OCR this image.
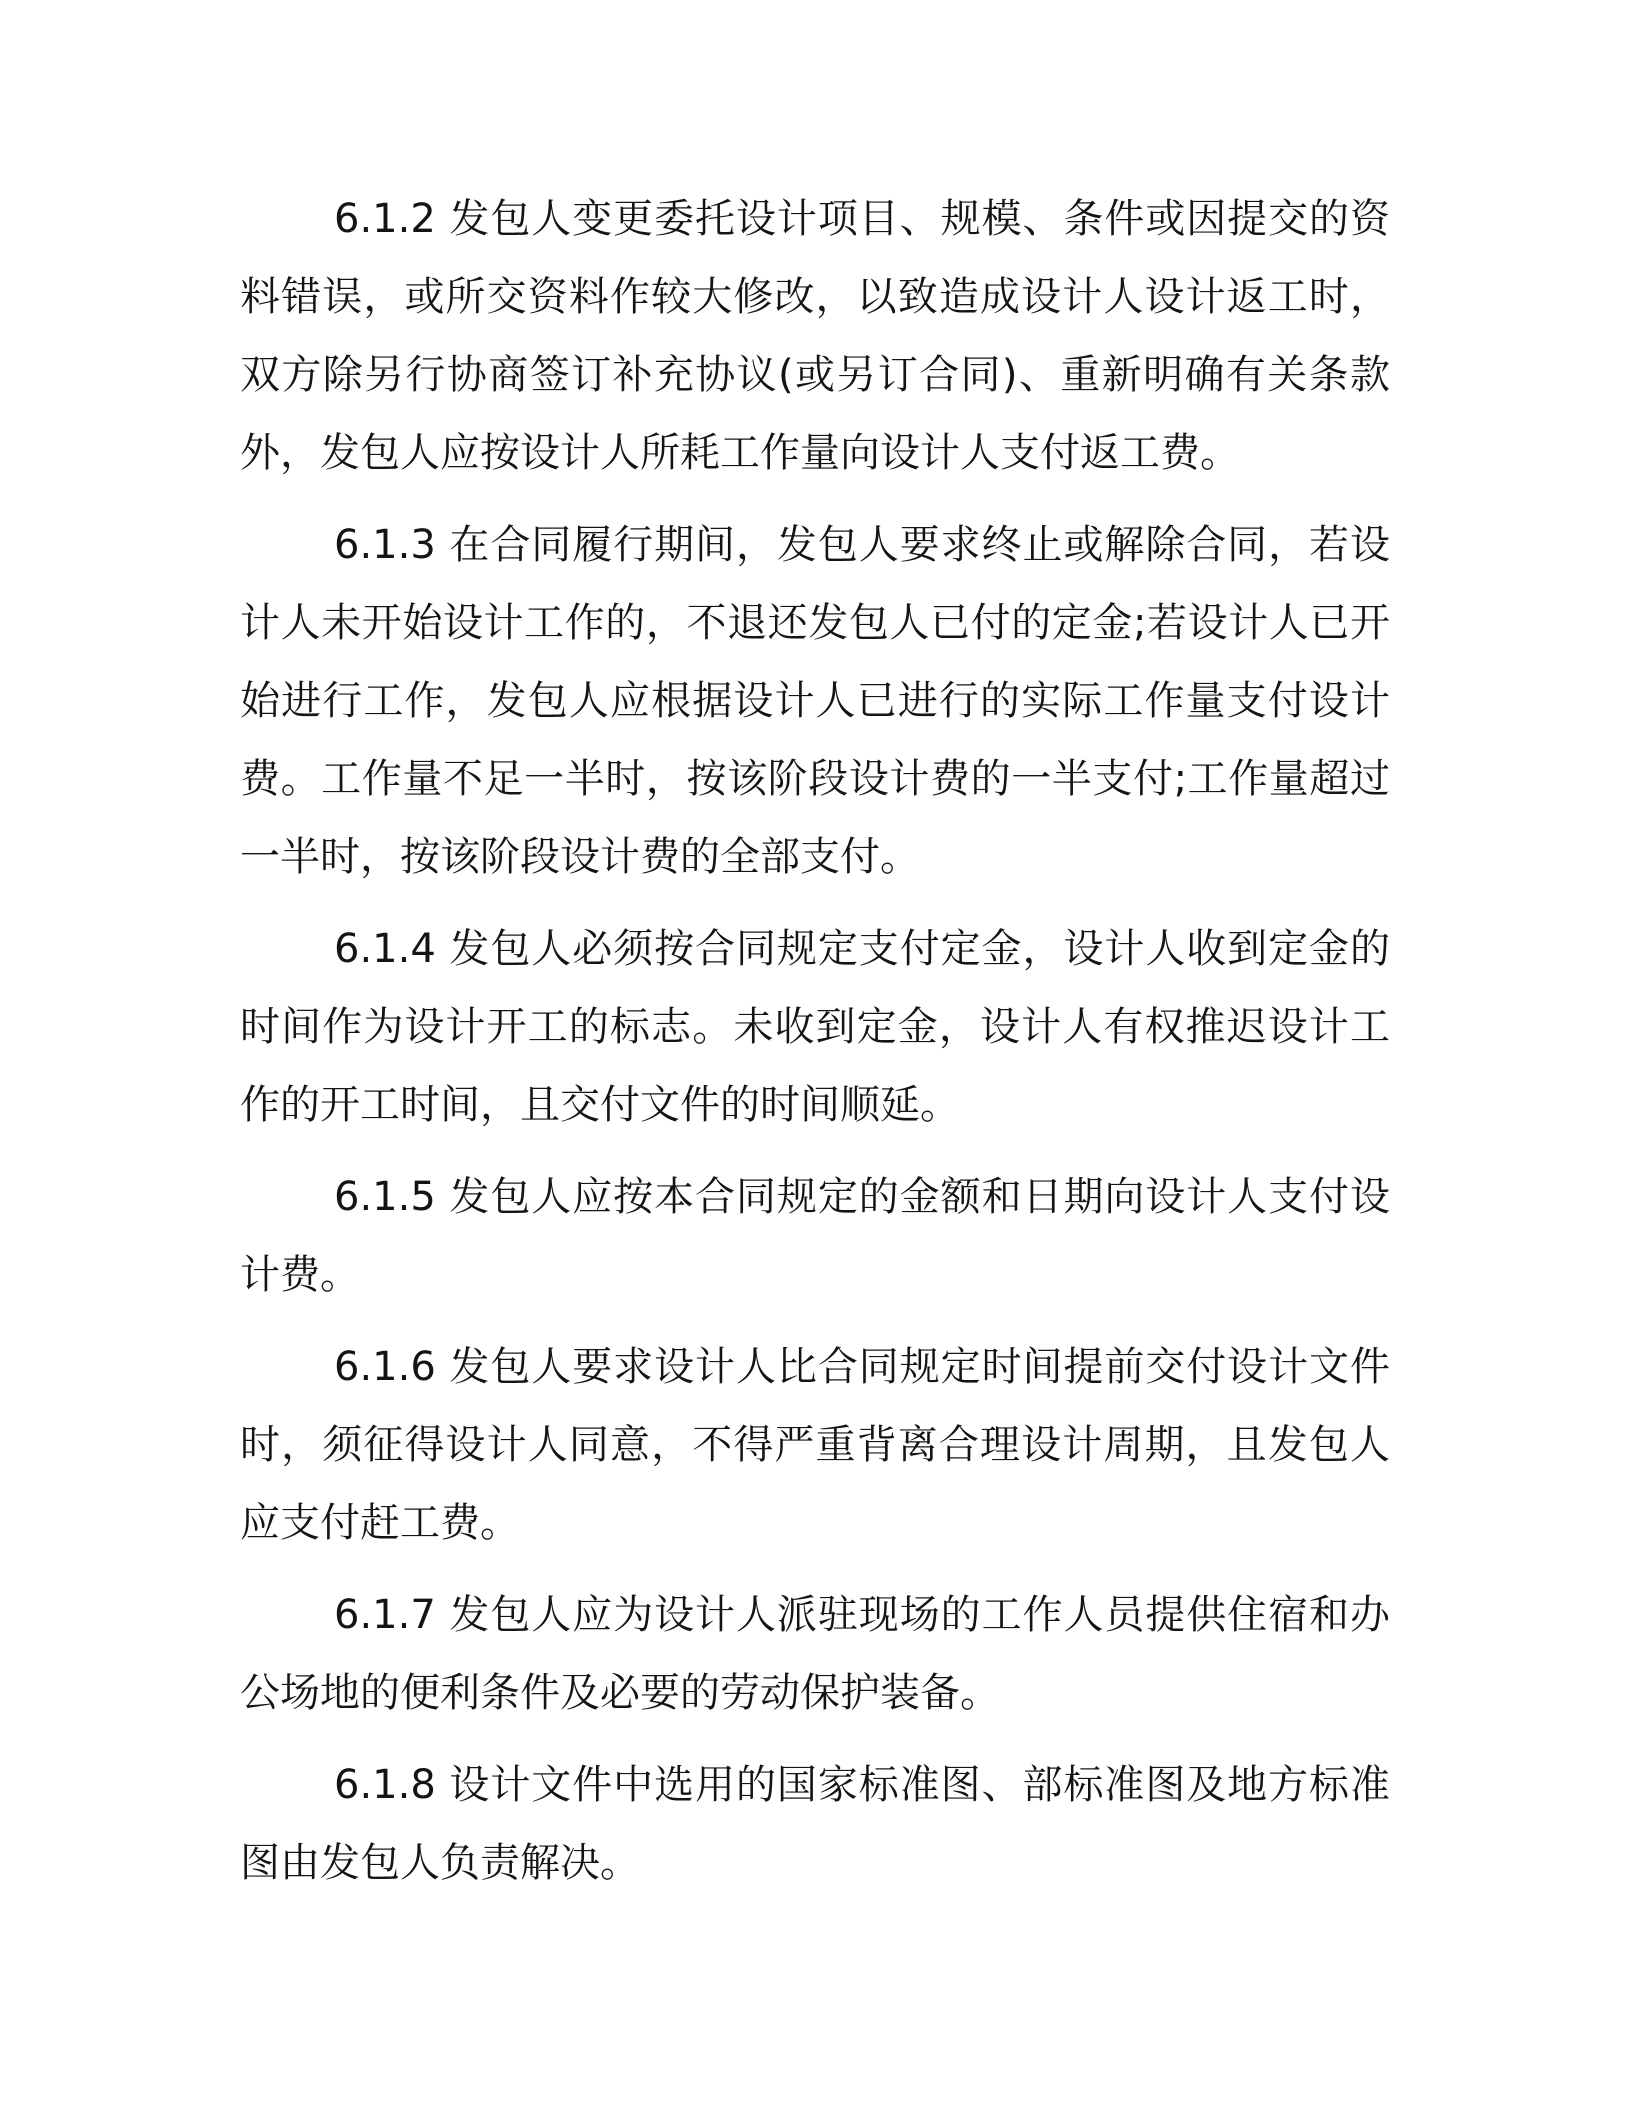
6.1.2 发包人变更委托设计项目、规模、条件或因提交的资料错误，或所交资料作较大修改，以致造成设计人设计返工时，双方除另行协商签订补充协议(或另订合同)、重新明确有关条款外，发包人应按设计人所耗工作量向设计人支付返工费。

6.1.3 在合同履行期间，发包人要求终止或解除合同，若设计人未开始设计工作的，不退还发包人已付的定金;若设计人已开始进行工作，发包人应根据设计人已进行的实际工作量支付设计费。工作量不足一半时，按该阶段设计费的一半支付;工作量超过一半时，按该阶段设计费的全部支付。

6.1.4 发包人必须按合同规定支付定金，设计人收到定金的时间作为设计开工的标志。未收到定金，设计人有权推迟设计工作的开工时间，且交付文件的时间顺延。

6.1.5 发包人应按本合同规定的金额和日期向设计人支付设计费。

6.1.6 发包人要求设计人比合同规定时间提前交付设计文件时，须征得设计人同意，不得严重背离合理设计周期，且发包人应支付赶工费。

6.1.7 发包人应为设计人派驻现场的工作人员提供住宿和办公场地的便利条件及必要的劳动保护装备。

6.1.8 设计文件中选用的国家标准图、部标准图及地方标准图由发包人负责解决。
